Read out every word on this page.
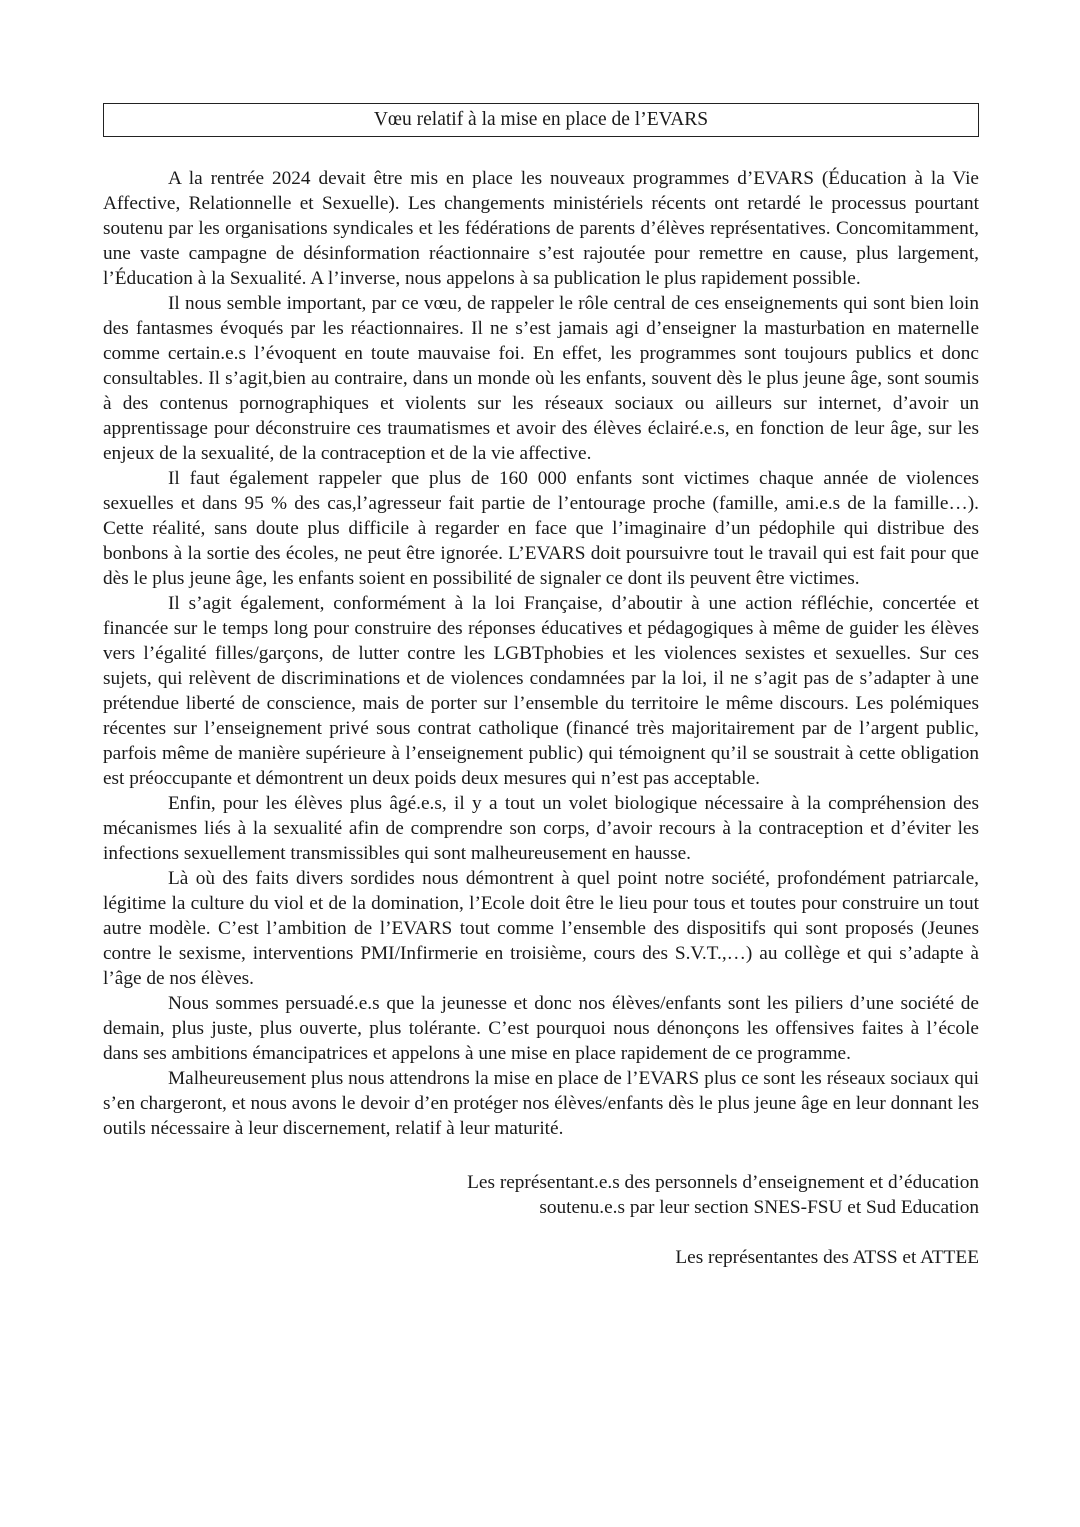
Vœu relatif à la mise en place de l’EVARS

A la rentrée 2024 devait être mis en place les nouveaux programmes d’EVARS (Éducation à la Vie Affective, Relationnelle et Sexuelle). Les changements ministériels récents ont retardé le processus pourtant soutenu par les organisations syndicales et les fédérations de parents d’élèves représentatives. Concomitamment, une vaste campagne de désinformation réactionnaire s’est rajoutée pour remettre en cause, plus largement, l’Éducation à la Sexualité. A l’inverse, nous appelons à sa publication le plus rapidement possible.

Il nous semble important, par ce vœu, de rappeler le rôle central de ces enseignements qui sont bien loin des fantasmes évoqués par les réactionnaires. Il ne s’est jamais agi d’enseigner la masturbation en maternelle comme certain.e.s l’évoquent en toute mauvaise foi. En effet, les programmes sont toujours publics et donc consultables. Il s’agit,bien au contraire, dans un monde où les enfants, souvent dès le plus jeune âge, sont soumis à des contenus pornographiques et violents sur les réseaux sociaux ou ailleurs sur internet, d’avoir un apprentissage pour déconstruire ces traumatismes et avoir des élèves éclairé.e.s, en fonction de leur âge, sur les enjeux de la sexualité, de la contraception et de la vie affective.

Il faut également rappeler que plus de 160 000 enfants sont victimes chaque année de violences sexuelles et dans 95 % des cas,l’agresseur fait partie de l’entourage proche (famille, ami.e.s de la famille…). Cette réalité, sans doute plus difficile à regarder en face que l’imaginaire d’un pédophile qui distribue des bonbons à la sortie des écoles, ne peut être ignorée. L’EVARS doit poursuivre tout le travail qui est fait pour que dès le plus jeune âge, les enfants soient en possibilité de signaler ce dont ils peuvent être victimes.

Il s’agit également, conformément à la loi Française, d’aboutir à une action réfléchie, concertée et financée sur le temps long pour construire des réponses éducatives et pédagogiques à même de guider les élèves vers l’égalité filles/garçons, de lutter contre les LGBTphobies et les violences sexistes et sexuelles. Sur ces sujets, qui relèvent de discriminations et de violences condamnées par la loi, il ne s’agit pas de s’adapter à une prétendue liberté de conscience, mais de porter sur l’ensemble du territoire le même discours. Les polémiques récentes sur l’enseignement privé sous contrat catholique (financé très majoritairement par de l’argent public, parfois même de manière supérieure à l’enseignement public) qui témoignent qu’il se soustrait à cette obligation est préoccupante et démontrent un deux poids deux mesures qui n’est pas acceptable.

Enfin, pour les élèves plus âgé.e.s, il y a tout un volet biologique nécessaire à la compréhension des mécanismes liés à la sexualité afin de comprendre son corps, d’avoir recours à la contraception et d’éviter les infections sexuellement transmissibles qui sont malheureusement en hausse.

Là où des faits divers sordides nous démontrent à quel point notre société, profondément patriarcale, légitime la culture du viol et de la domination, l’Ecole doit être le lieu pour tous et toutes pour construire un tout autre modèle. C’est l’ambition de l’EVARS tout comme l’ensemble des dispositifs qui sont proposés (Jeunes contre le sexisme, interventions PMI/Infirmerie en troisième, cours des S.V.T.,…) au collège et qui s’adapte à l’âge de nos élèves.

Nous sommes persuadé.e.s que la jeunesse et donc nos élèves/enfants sont les piliers d’une société de demain, plus juste, plus ouverte, plus tolérante. C’est pourquoi nous dénonçons les offensives faites à l’école dans ses ambitions émancipatrices et appelons à une mise en place rapidement de ce programme.

Malheureusement plus nous attendrons la mise en place de l’EVARS plus ce sont les réseaux sociaux qui s’en chargeront, et nous avons le devoir d’en protéger nos élèves/enfants dès le plus jeune âge en leur donnant les outils nécessaire à leur discernement, relatif à leur maturité.

Les représentant.e.s des personnels d’enseignement et d’éducation
soutenu.e.s par leur section SNES-FSU et Sud Education
Les représentantes des ATSS et ATTEE
